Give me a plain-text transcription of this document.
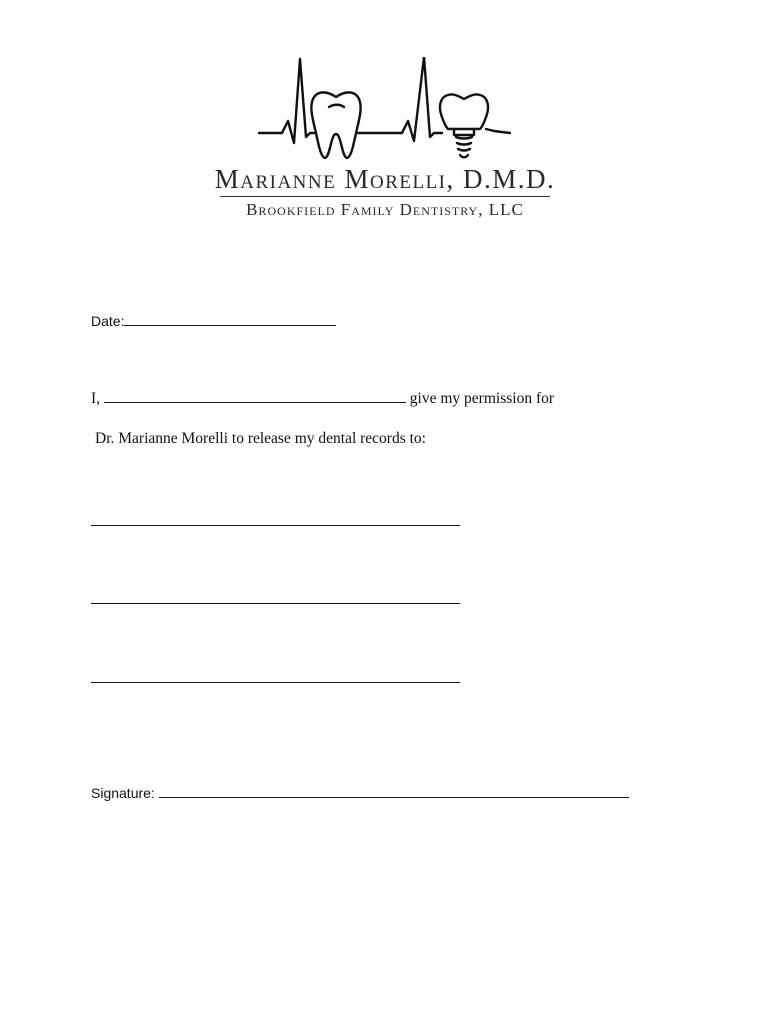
Marianne Morelli, D.M.D.
Brookfield Family Dentistry, LLC
Date:
I,	give my permission for
Dr. Marianne Morelli to release my dental records to:
Signature:
